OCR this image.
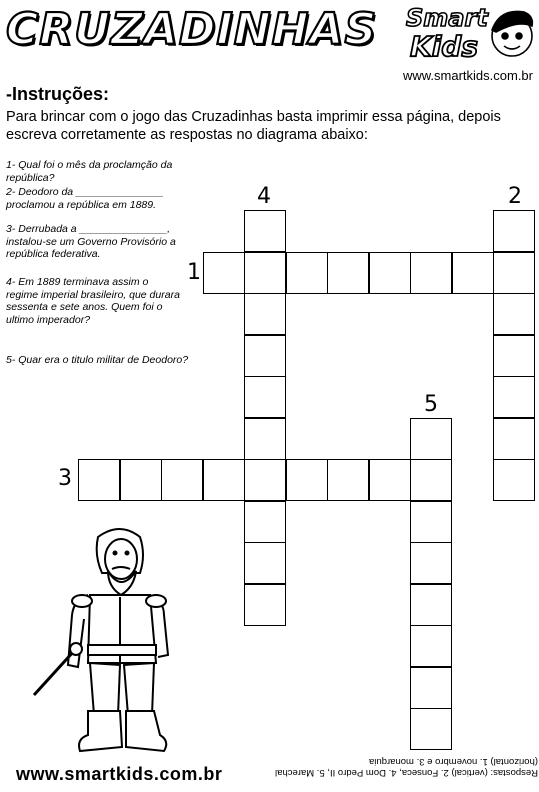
CRUZADINHAS Smart
Kids
www.smartkids.com.br
-Instruções:
Para brincar com o jogo das Cruzadinhas basta imprimir essa página, depois escreva corretamente as respostas no diagrama abaixo:
1- Qual foi o mês da proclamção da república?
2- Deodoro da _______________ proclamou a república em 1889.
3- Derrubada a _______________, instalou-se um Governo Provisório a república federativa.
4- Em 1889 terminava assim o regime imperial brasileiro, que durara sessenta e sete anos. Quem foi o ultimo imperador?
5- Quar era o titulo militar de Deodoro?
1
2
3
4
5
www.smartkids.com.br	Respostas: (vertical) 2. Fonseca, 4. Dom Pedro II, 5. Marechal
(horizontal) 1. novembro e 3. monarquia
